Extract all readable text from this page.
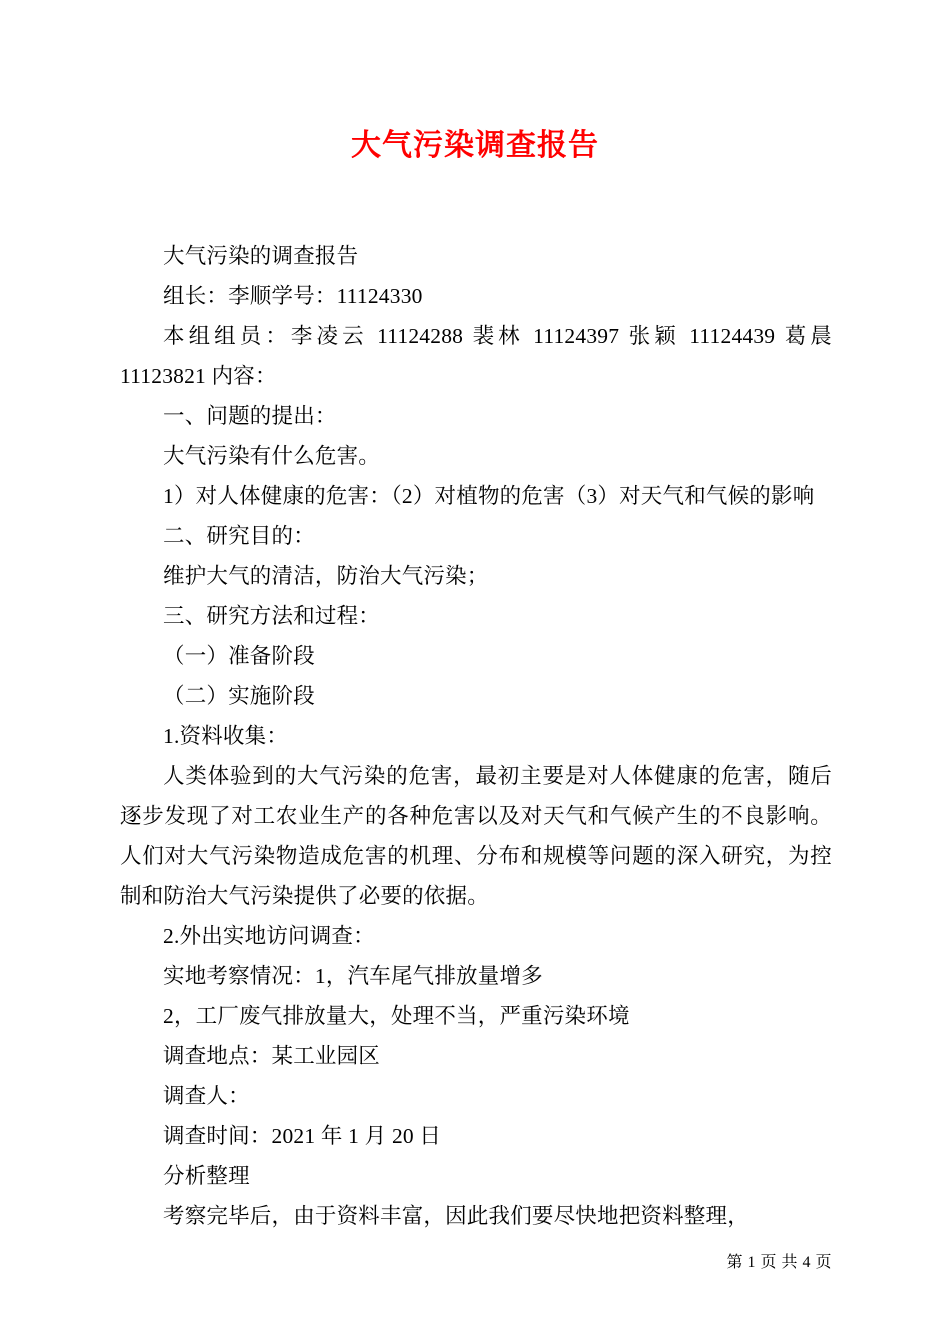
大气污染调查报告

大气污染的调查报告

组长：李顺学号：11124330

本组组员：李凌云 11124288 裴林 11124397 张颖 11124439 葛晨 11123821 内容：

一、问题的提出：

大气污染有什么危害。

1）对人体健康的危害：（2）对植物的危害（3）对天气和气候的影响

二、研究目的：

维护大气的清洁，防治大气污染；

三、研究方法和过程：

（一）准备阶段

（二）实施阶段

1.资料收集：

人类体验到的大气污染的危害，最初主要是对人体健康的危害，随后逐步发现了对工农业生产的各种危害以及对天气和气候产生的不良影响。人们对大气污染物造成危害的机理、分布和规模等问题的深入研究，为控制和防治大气污染提供了必要的依据。

2.外出实地访问调查：

实地考察情况：1，汽车尾气排放量增多

2，工厂废气排放量大，处理不当，严重污染环境

调查地点：某工业园区

调查人：

调查时间：2021 年 1 月 20 日

分析整理

考察完毕后，由于资料丰富，因此我们要尽快地把资料整理，

第 1 页 共 4 页
